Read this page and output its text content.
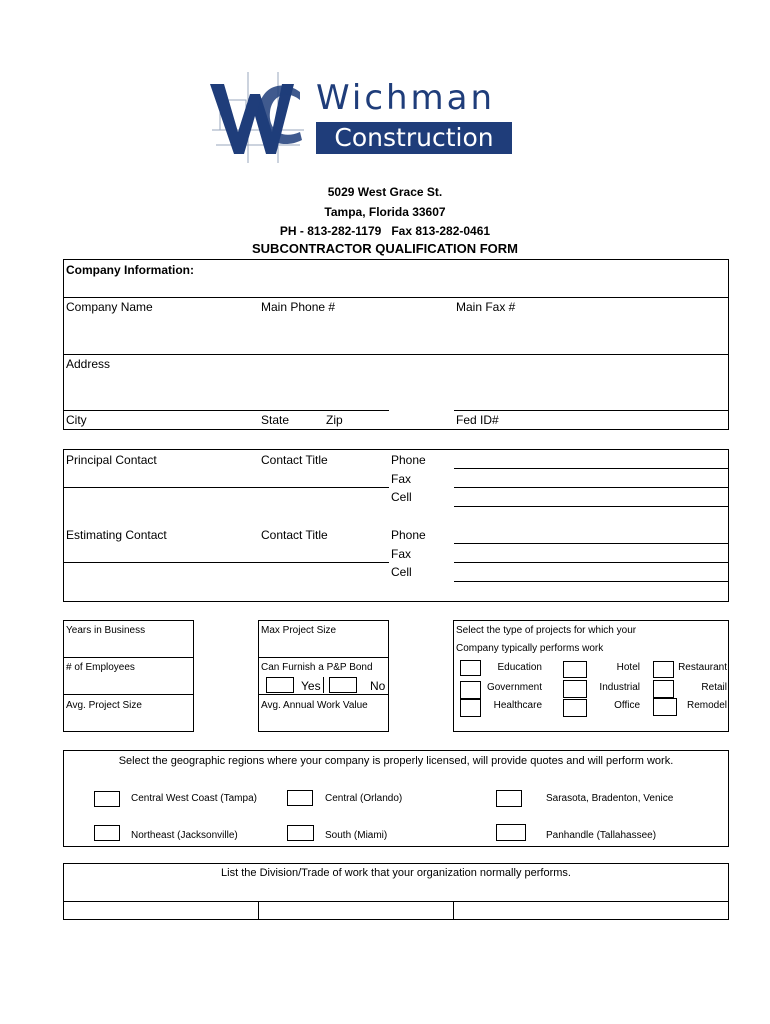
Wichman
Construction
5029 West Grace St.
Tampa, Florida 33607
PH - 813-282-1179   Fax 813-282-0461
SUBCONTRACTOR QUALIFICATION FORM
Company Information:
Company Name	Main Phone #	Main Fax #
Address
City	State	Zip	Fed ID#
Principal Contact	Contact Title	Phone
Fax
Cell
Estimating Contact	Contact Title	Phone
Fax
Cell
Years in Business
# of Employees
Avg. Project Size
Max Project Size
Can Furnish a P&P Bond
Yes	No
Avg. Annual Work Value
Select the type of projects for which your
Company typically performs work
Education	Hotel	Restaurant
Government	Industrial	Retail
Healthcare	Office	Remodel
Select the geographic regions where your company is properly licensed, will provide quotes and will perform work.
Central West Coast (Tampa)	Central (Orlando)	Sarasota, Bradenton, Venice
Northeast (Jacksonville)	South (Miami)	Panhandle (Tallahassee)
List the Division/Trade of work that your organization normally performs.
